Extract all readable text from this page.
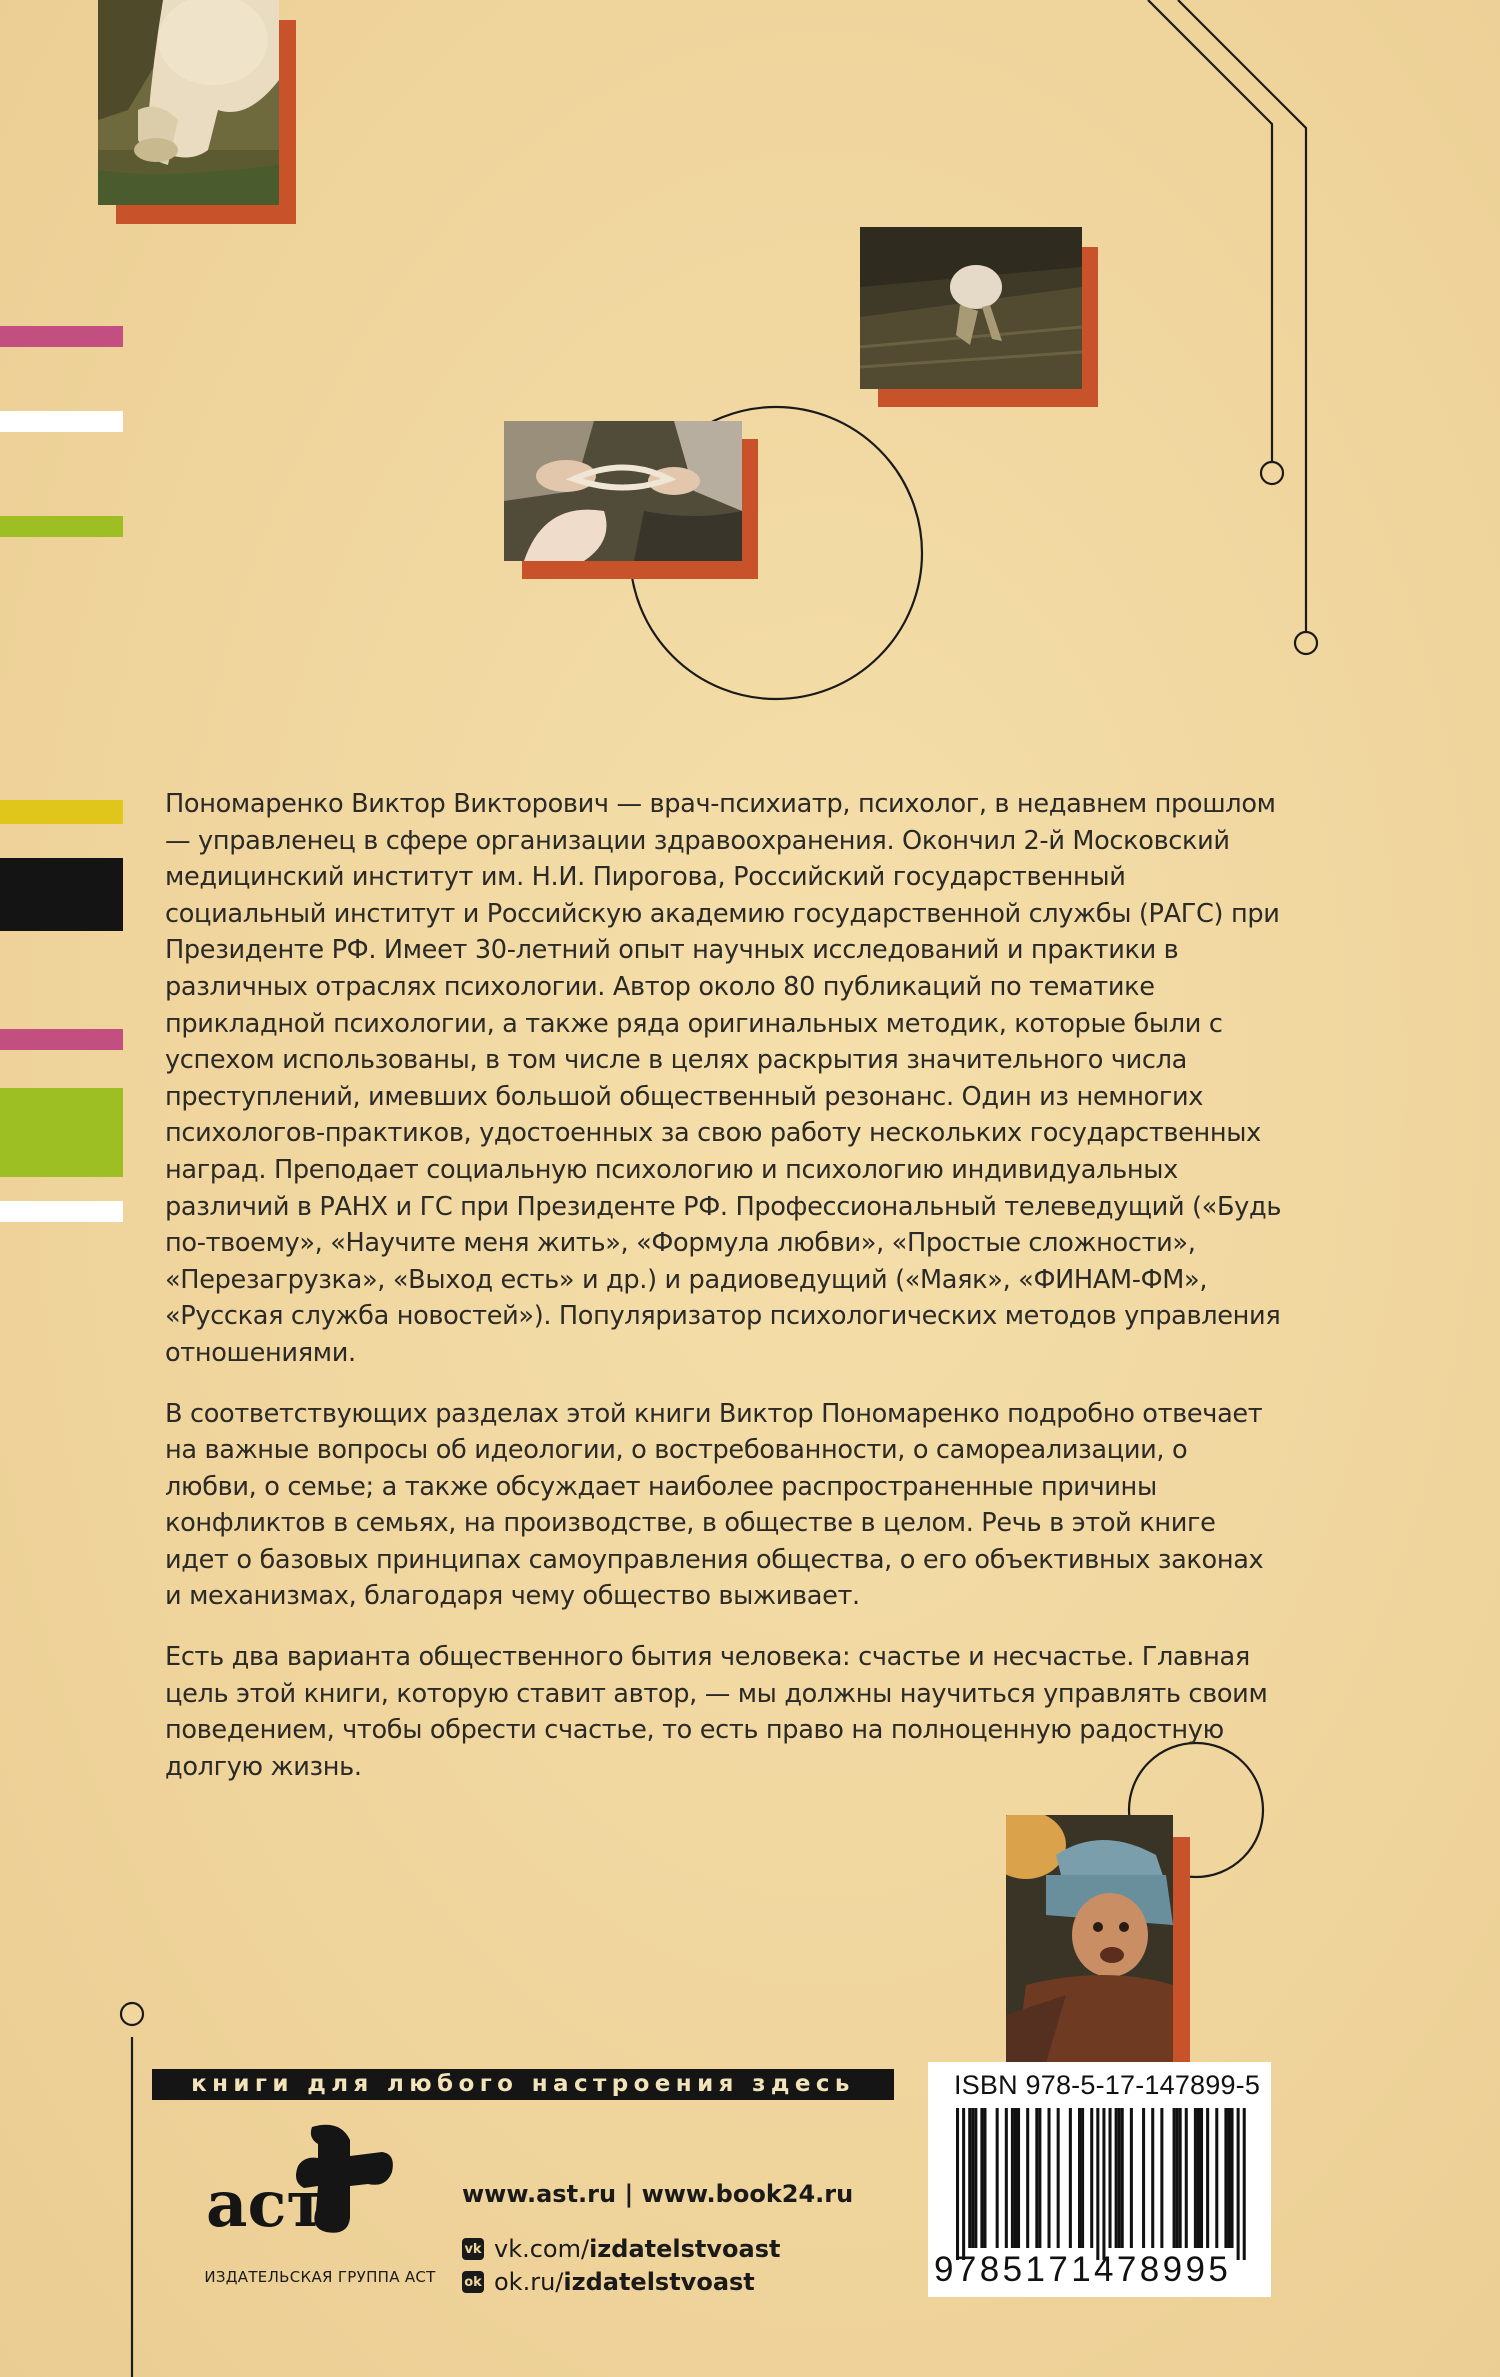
Пономаренко Виктор Викторович — врач-психиатр, психолог, в недавнем прошлом — управленец в сфере организации здравоохранения. Окончил 2-й Московский медицинский институт им. Н.И. Пирогова, Российский государственный социальный институт и Российскую академию государственной службы (РАГС) при Президенте РФ. Имеет 30-летний опыт научных исследований и практики в различных отраслях психологии. Автор около 80 публикаций по тематике прикладной психологии, а также ряда оригинальных методик, которые были с успехом использованы, в том числе в целях раскрытия значительного числа преступлений, имевших большой общественный резонанс. Один из немногих психологов-практиков, удостоенных за свою работу нескольких государственных наград. Преподает социальную психологию и психологию индивидуальных различий в РАНХ и ГС при Президенте РФ. Профессиональный телеведущий («Будь по-твоему», «Научите меня жить», «Формула любви», «Простые сложности», «Перезагрузка», «Выход есть» и др.) и радиоведущий («Маяк», «ФИНАМ-ФМ», «Русская служба новостей»). Популяризатор психологических методов управления отношениями.

В соответствующих разделах этой книги Виктор Пономаренко подробно отвечает на важные вопросы об идеологии, о востребованности, о самореализации, о любви, о семье; а также обсуждает наиболее распространенные причины конфликтов в семьях, на производстве, в обществе в целом. Речь в этой книге идет о базовых принципах самоуправления общества, о его объективных законах и механизмах, благодаря чему общество выживает.

Есть два варианта общественного бытия человека: счастье и несчастье. Главная цель этой книги, которую ставит автор, — мы должны научиться управлять своим поведением, чтобы обрести счастье, то есть право на полноценную радостную долгую жизнь.

книги для любого настроения здесь
аст
ИЗДАТЕЛЬСКАЯ ГРУППА АСТ
www.ast.ru | www.book24.ru
vk vk.com/ izdatelstvoast
ok ok.ru/ izdatelstvoast
ISBN 978-5-17-147899-5
9785171478995
